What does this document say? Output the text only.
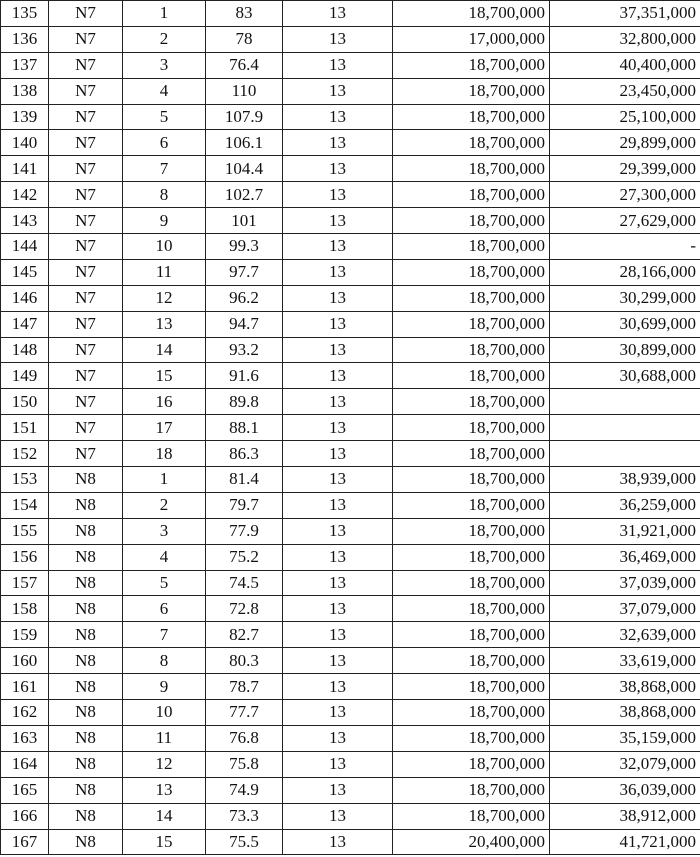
135	N7	1	83	13	18,700,000	37,351,000
136	N7	2	78	13	17,000,000	32,800,000
137	N7	3	76.4	13	18,700,000	40,400,000
138	N7	4	110	13	18,700,000	23,450,000
139	N7	5	107.9	13	18,700,000	25,100,000
140	N7	6	106.1	13	18,700,000	29,899,000
141	N7	7	104.4	13	18,700,000	29,399,000
142	N7	8	102.7	13	18,700,000	27,300,000
143	N7	9	101	13	18,700,000	27,629,000
144	N7	10	99.3	13	18,700,000	-
145	N7	11	97.7	13	18,700,000	28,166,000
146	N7	12	96.2	13	18,700,000	30,299,000
147	N7	13	94.7	13	18,700,000	30,699,000
148	N7	14	93.2	13	18,700,000	30,899,000
149	N7	15	91.6	13	18,700,000	30,688,000
150	N7	16	89.8	13	18,700,000	
151	N7	17	88.1	13	18,700,000	
152	N7	18	86.3	13	18,700,000	
153	N8	1	81.4	13	18,700,000	38,939,000
154	N8	2	79.7	13	18,700,000	36,259,000
155	N8	3	77.9	13	18,700,000	31,921,000
156	N8	4	75.2	13	18,700,000	36,469,000
157	N8	5	74.5	13	18,700,000	37,039,000
158	N8	6	72.8	13	18,700,000	37,079,000
159	N8	7	82.7	13	18,700,000	32,639,000
160	N8	8	80.3	13	18,700,000	33,619,000
161	N8	9	78.7	13	18,700,000	38,868,000
162	N8	10	77.7	13	18,700,000	38,868,000
163	N8	11	76.8	13	18,700,000	35,159,000
164	N8	12	75.8	13	18,700,000	32,079,000
165	N8	13	74.9	13	18,700,000	36,039,000
166	N8	14	73.3	13	18,700,000	38,912,000
167	N8	15	75.5	13	20,400,000	41,721,000
